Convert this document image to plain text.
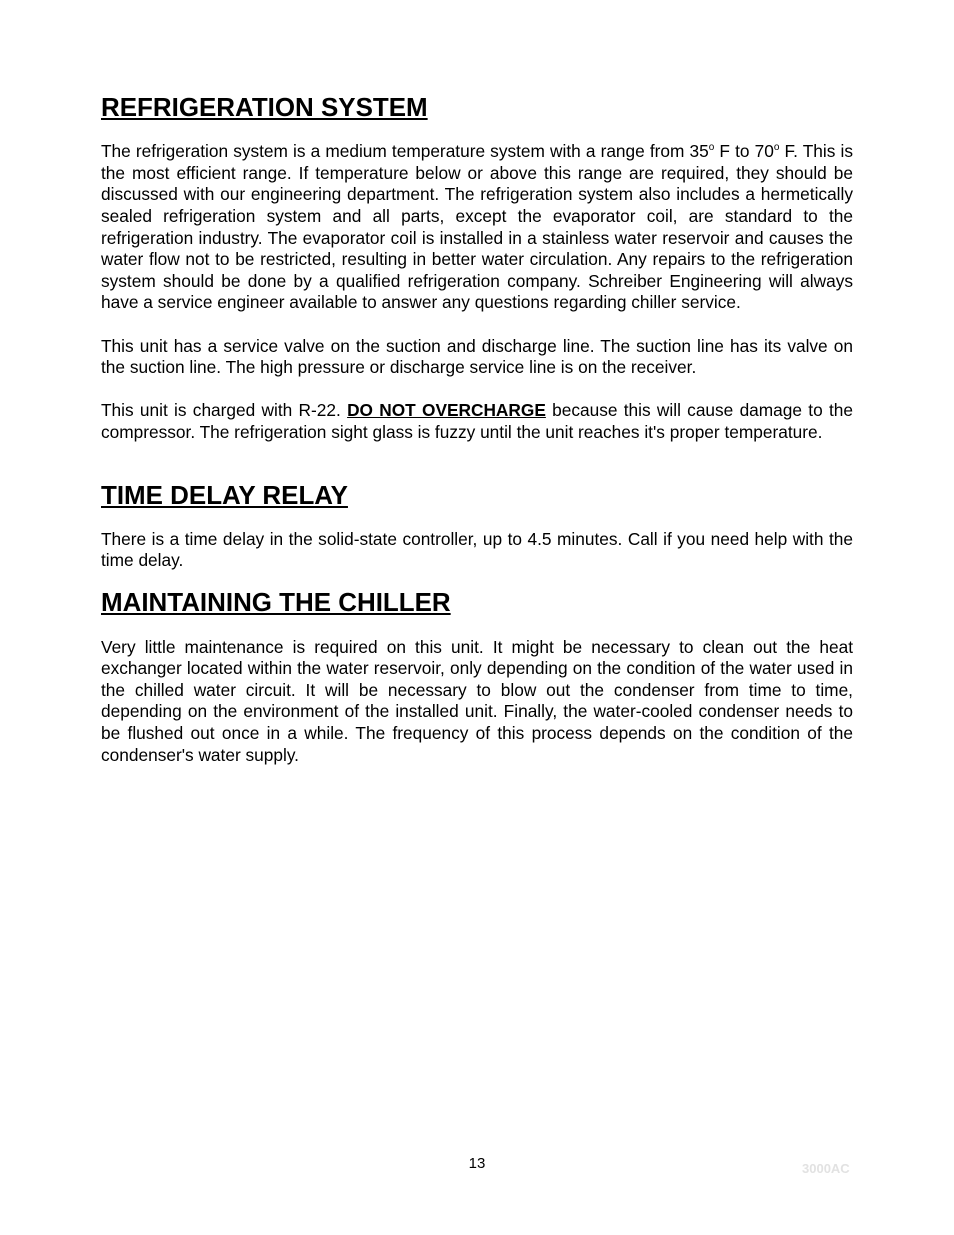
REFRIGERATION SYSTEM

The refrigeration system is a medium temperature system with a range from 35$^o$ F to 70$^o$ F. This is the most efficient range. If temperature below or above this range are required, they should be discussed with our engineering department. The refrigeration system also includes a hermetically sealed refrigeration system and all parts, except the evaporator coil, are standard to the refrigeration industry. The evaporator coil is installed in a stainless water reservoir and causes the water flow not to be restricted, resulting in better water circulation. Any repairs to the refrigeration system should be done by a qualified refrigeration company. Schreiber Engineering will always have a service engineer available to answer any questions regarding chiller service.

This unit has a service valve on the suction and discharge line. The suction line has its valve on the suction line. The high pressure or discharge service line is on the receiver.

This unit is charged with R-22. DO NOT OVERCHARGE because this will cause damage to the compressor. The refrigeration sight glass is fuzzy until the unit reaches it's proper temperature.

TIME DELAY RELAY

There is a time delay in the solid-state controller, up to 4.5 minutes. Call if you need help with the time delay.

MAINTAINING THE CHILLER

Very little maintenance is required on this unit. It might be necessary to clean out the heat exchanger located within the water reservoir, only depending on the condition of the water used in the chilled water circuit. It will be necessary to blow out the condenser from time to time, depending on the environment of the installed unit. Finally, the water-cooled condenser needs to be flushed out once in a while. The frequency of this process depends on the condition of the condenser's water supply.

13	3000AC
